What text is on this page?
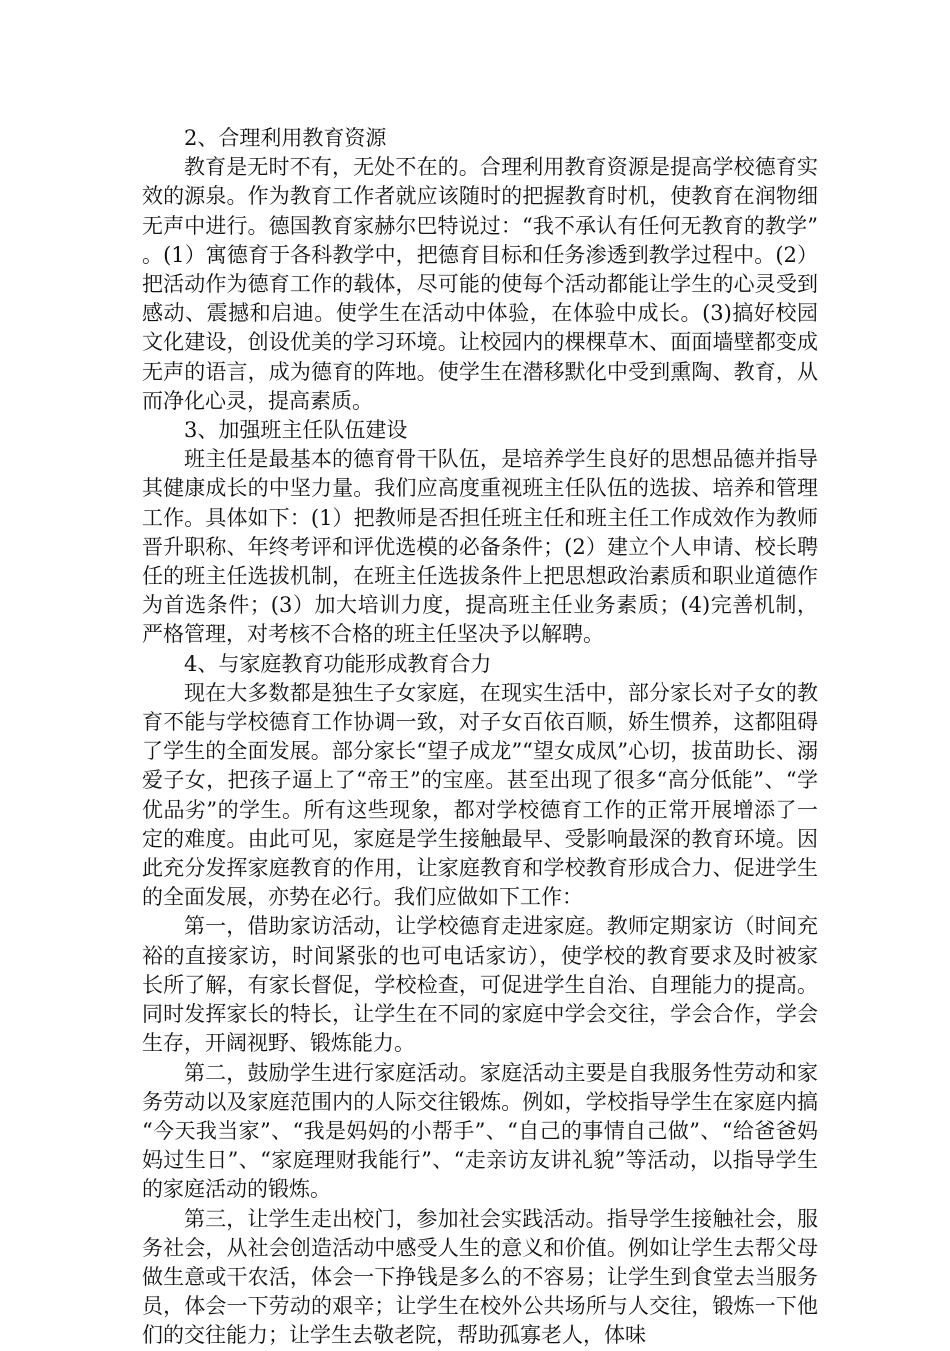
2、合理利用教育资源

教育是无时不有，无处不在的。合理利用教育资源是提高学校德育实效的源泉。作为教育工作者就应该随时的把握教育时机，使教育在润物细无声中进行。德国教育家赫尔巴特说过：“我不承认有任何无教育的教学”。(1）寓德育于各科教学中，把德育目标和任务渗透到教学过程中。(2）把活动作为德育工作的载体，尽可能的使每个活动都能让学生的心灵受到感动、震撼和启迪。使学生在活动中体验，在体验中成长。(3)搞好校园文化建设，创设优美的学习环境。让校园内的棵棵草木、面面墙壁都变成无声的语言，成为德育的阵地。使学生在潜移默化中受到熏陶、教育，从而净化心灵，提高素质。

3、加强班主任队伍建设

班主任是最基本的德育骨干队伍，是培养学生良好的思想品德并指导其健康成长的中坚力量。我们应高度重视班主任队伍的选拔、培养和管理工作。具体如下：(1）把教师是否担任班主任和班主任工作成效作为教师晋升职称、年终考评和评优选模的必备条件；(2）建立个人申请、校长聘任的班主任选拔机制，在班主任选拔条件上把思想政治素质和职业道德作为首选条件；(3）加大培训力度，提高班主任业务素质；(4)完善机制，严格管理，对考核不合格的班主任坚决予以解聘。

4、与家庭教育功能形成教育合力

现在大多数都是独生子女家庭，在现实生活中，部分家长对子女的教育不能与学校德育工作协调一致，对子女百依百顺，娇生惯养，这都阻碍了学生的全面发展。部分家长“望子成龙”“望女成凤”心切，拔苗助长、溺爱子女，把孩子逼上了“帝王”的宝座。甚至出现了很多“高分低能”、“学优品劣”的学生。所有这些现象，都对学校德育工作的正常开展增添了一定的难度。由此可见，家庭是学生接触最早、受影响最深的教育环境。因此充分发挥家庭教育的作用，让家庭教育和学校教育形成合力、促进学生的全面发展，亦势在必行。我们应做如下工作：

第一，借助家访活动，让学校德育走进家庭。教师定期家访（时间充裕的直接家访，时间紧张的也可电话家访），使学校的教育要求及时被家长所了解，有家长督促，学校检查，可促进学生自治、自理能力的提高。同时发挥家长的特长，让学生在不同的家庭中学会交往，学会合作，学会生存，开阔视野、锻炼能力。

第二，鼓励学生进行家庭活动。家庭活动主要是自我服务性劳动和家务劳动以及家庭范围内的人际交往锻炼。例如，学校指导学生在家庭内搞“今天我当家”、“我是妈妈的小帮手”、“自己的事情自己做”、“给爸爸妈妈过生日”、“家庭理财我能行”、“走亲访友讲礼貌”等活动，以指导学生的家庭活动的锻炼。

第三，让学生走出校门，参加社会实践活动。指导学生接触社会，服务社会，从社会创造活动中感受人生的意义和价值。例如让学生去帮父母做生意或干农活，体会一下挣钱是多么的不容易；让学生到食堂去当服务员，体会一下劳动的艰辛；让学生在校外公共场所与人交往，锻炼一下他们的交往能力；让学生去敬老院，帮助孤寡老人，体味
